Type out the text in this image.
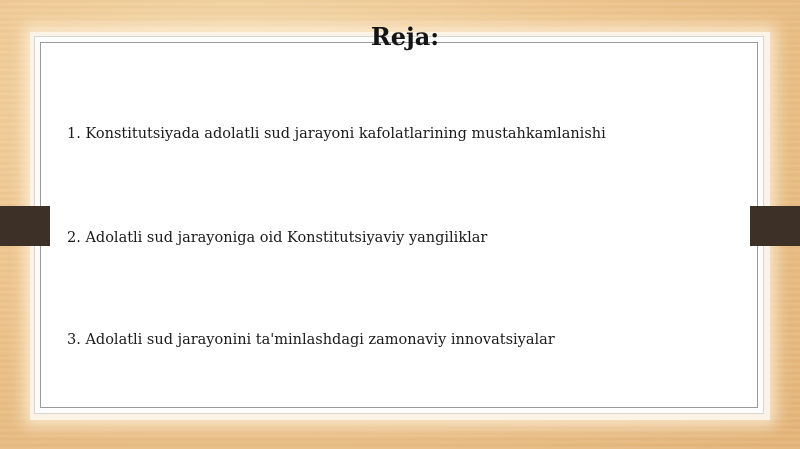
Reja:

1. Konstitutsiyada adolatli sud jarayoni kafolatlarining mustahkamlanishi

2. Adolatli sud jarayoniga oid Konstitutsiyaviy yangiliklar

3. Adolatli sud jarayonini ta'minlashdagi zamonaviy innovatsiyalar
